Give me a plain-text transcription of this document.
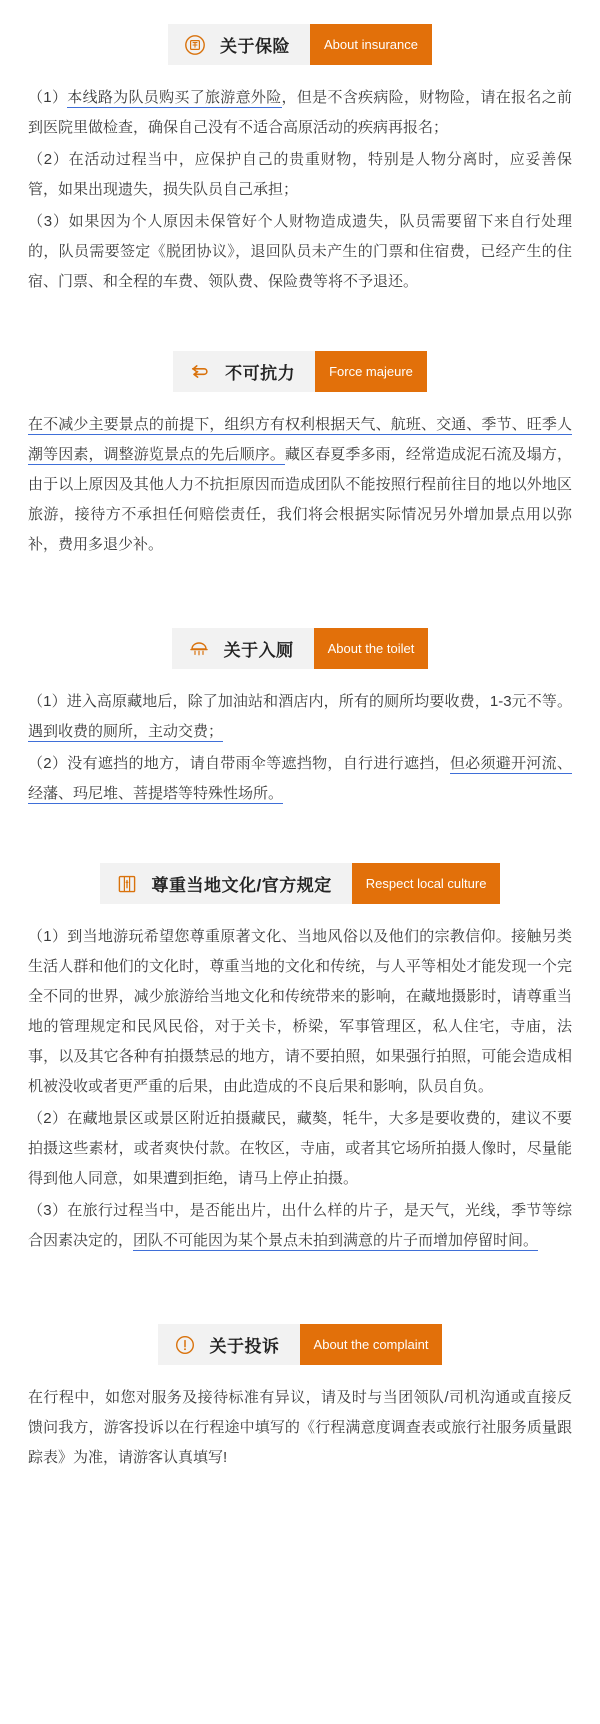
关于保险	About insurance

（1）本线路为队员购买了旅游意外险，但是不含疾病险，财物险，请在报名之前到医院里做检查，确保自己没有不适合高原活动的疾病再报名；

（2）在活动过程当中，应保护自己的贵重财物，特别是人物分离时，应妥善保管，如果出现遗失，损失队员自己承担；

（3）如果因为个人原因未保管好个人财物造成遗失，队员需要留下来自行处理的，队员需要签定《脱团协议》，退回队员未产生的门票和住宿费，已经产生的住宿、门票、和全程的车费、领队费、保险费等将不予退还。

不可抗力	Force majeure

在不减少主要景点的前提下，组织方有权利根据天气、航班、交通、季节、旺季人潮等因素，调整游览景点的先后顺序。藏区春夏季多雨，经常造成泥石流及塌方，由于以上原因及其他人力不抗拒原因而造成团队不能按照行程前往目的地以外地区旅游，接待方不承担任何赔偿责任，我们将会根据实际情况另外增加景点用以弥补，费用多退少补。

关于入厕	About the toilet

（1）进入高原藏地后，除了加油站和酒店内，所有的厕所均要收费，1-3元不等。遇到收费的厕所，主动交费；

（2）没有遮挡的地方，请自带雨伞等遮挡物，自行进行遮挡，但必须避开河流、经藩、玛尼堆、菩提塔等特殊性场所。

尊重当地文化/官方规定	Respect local culture

（1）到当地游玩希望您尊重原著文化、当地风俗以及他们的宗教信仰。接触另类生活人群和他们的文化时，尊重当地的文化和传统，与人平等相处才能发现一个完全不同的世界，减少旅游给当地文化和传统带来的影响，在藏地摄影时，请尊重当地的管理规定和民风民俗，对于关卡，桥梁，军事管理区，私人住宅，寺庙，法事，以及其它各种有拍摄禁忌的地方，请不要拍照，如果强行拍照，可能会造成相机被没收或者更严重的后果，由此造成的不良后果和影响，队员自负。

（2）在藏地景区或景区附近拍摄藏民，藏獒，牦牛，大多是要收费的，建议不要拍摄这些素材，或者爽快付款。在牧区，寺庙，或者其它场所拍摄人像时，尽量能得到他人同意，如果遭到拒绝，请马上停止拍摄。

（3）在旅行过程当中，是否能出片，出什么样的片子，是天气，光线，季节等综合因素决定的，团队不可能因为某个景点未拍到满意的片子而增加停留时间。

关于投诉	About the complaint

在行程中，如您对服务及接待标准有异议，请及时与当团领队/司机沟通或直接反馈问我方，游客投诉以在行程途中填写的《行程满意度调查表或旅行社服务质量跟踪表》为准，请游客认真填写!
